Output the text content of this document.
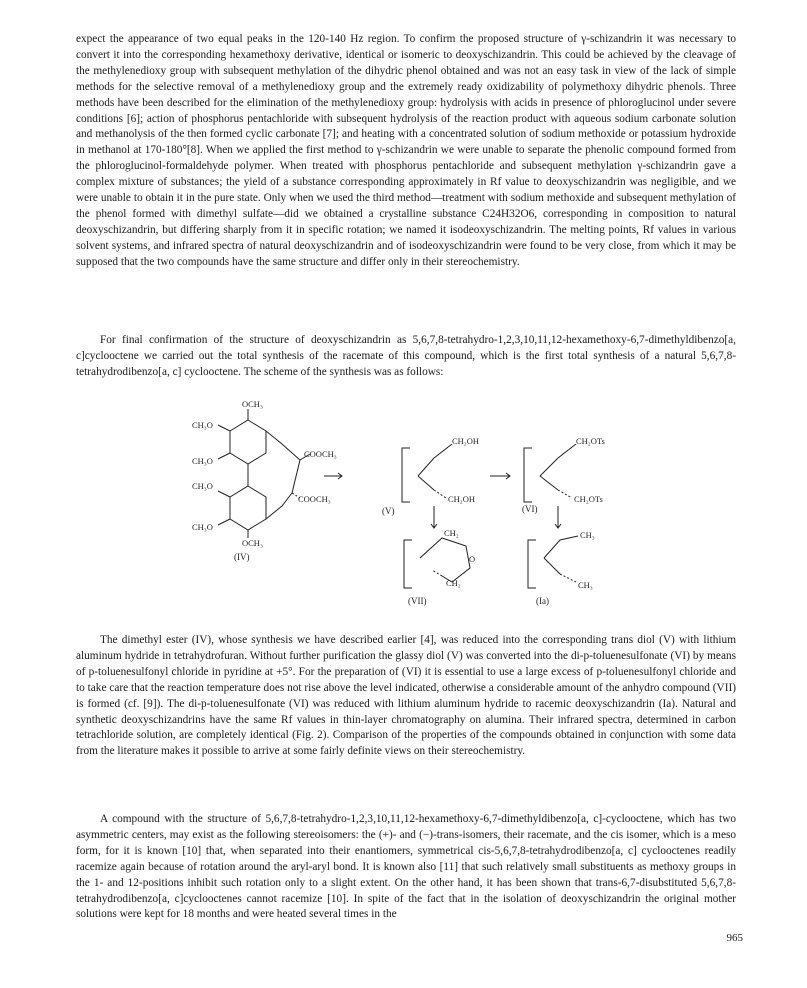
expect the appearance of two equal peaks in the 120-140 Hz region. To confirm the proposed structure of γ-schizandrin it was necessary to convert it into the corresponding hexamethoxy derivative, identical or isomeric to deoxyschizandrin. This could be achieved by the cleavage of the methylenedioxy group with subsequent methylation of the dihydric phenol obtained and was not an easy task in view of the lack of simple methods for the selective removal of a methylenedioxy group and the extremely ready oxidizability of polymethoxy dihydric phenols. Three methods have been described for the elimination of the methylenedioxy group: hydrolysis with acids in presence of phloroglucinol under severe conditions [6]; action of phosphorus pentachloride with subsequent hydrolysis of the reaction product with aqueous sodium carbonate solution and methanolysis of the then formed cyclic carbonate [7]; and heating with a concentrated solution of sodium methoxide or potassium hydroxide in methanol at 170-180°[8]. When we applied the first method to γ-schizandrin we were unable to separate the phenolic compound formed from the phloroglucinol-formaldehyde polymer. When treated with phosphorus pentachloride and subsequent methylation γ-schizandrin gave a complex mixture of substances; the yield of a substance corresponding approximately in Rf value to deoxyschizandrin was negligible, and we were unable to obtain it in the pure state. Only when we used the third method—treatment with sodium methoxide and subsequent methylation of the phenol formed with dimethyl sulfate—did we obtained a crystalline substance C24H32O6, corresponding in composition to natural deoxyschizandrin, but differing sharply from it in specific rotation; we named it isodeoxyschizandrin. The melting points, Rf values in various solvent systems, and infrared spectra of natural deoxyschizandrin and of isodeoxyschizandrin were found to be very close, from which it may be supposed that the two compounds have the same structure and differ only in their stereochemistry.

For final confirmation of the structure of deoxyschizandrin as 5,6,7,8-tetrahydro-1,2,3,10,11,12-hexamethoxy-6,7-dimethyldibenzo[a, c]cyclooctene we carried out the total synthesis of the racemate of this compound, which is the first total synthesis of a natural 5,6,7,8-tetrahydrodibenzo[a, c] cyclooctene. The scheme of the synthesis was as follows:

OCH₃
CH₃O
CH₃O
CH₃O
CH₃O
OCH₃
COOCH₃
COOCH₃
CH₂OH
CH₂OH
CH₂OTs
CH₂OTs
CH₂
CH₂
O
CH₃
CH₃
(IV)
(V)	(VI)
(VII)	(Ia)

The dimethyl ester (IV), whose synthesis we have described earlier [4], was reduced into the corresponding trans diol (V) with lithium aluminum hydride in tetrahydrofuran. Without further purification the glassy diol (V) was converted into the di-p-toluenesulfonate (VI) by means of p-toluenesulfonyl chloride in pyridine at +5°. For the preparation of (VI) it is essential to use a large excess of p-toluenesulfonyl chloride and to take care that the reaction temperature does not rise above the level indicated, otherwise a considerable amount of the anhydro compound (VII) is formed (cf. [9]). The di-p-toluenesulfonate (VI) was reduced with lithium aluminum hydride to racemic deoxyschizandrin (Ia). Natural and synthetic deoxyschizandrins have the same Rf values in thin-layer chromatography on alumina. Their infrared spectra, determined in carbon tetrachloride solution, are completely identical (Fig. 2). Comparison of the properties of the compounds obtained in conjunction with some data from the literature makes it possible to arrive at some fairly definite views on their stereochemistry.

A compound with the structure of 5,6,7,8-tetrahydro-1,2,3,10,11,12-hexamethoxy-6,7-dimethyldibenzo[a, c]-cyclooctene, which has two asymmetric centers, may exist as the following stereoisomers: the (+)- and (−)-trans-isomers, their racemate, and the cis isomer, which is a meso form, for it is known [10] that, when separated into their enantiomers, symmetrical cis-5,6,7,8-tetrahydrodibenzo[a, c] cyclooctenes readily racemize again because of rotation around the aryl-aryl bond. It is known also [11] that such relatively small substituents as methoxy groups in the 1- and 12-positions inhibit such rotation only to a slight extent. On the other hand, it has been shown that trans-6,7-disubstituted 5,6,7,8-tetrahydrodibenzo[a, c]cyclooctenes cannot racemize [10]. In spite of the fact that in the isolation of deoxyschizandrin the original mother solutions were kept for 18 months and were heated several times in the

965
